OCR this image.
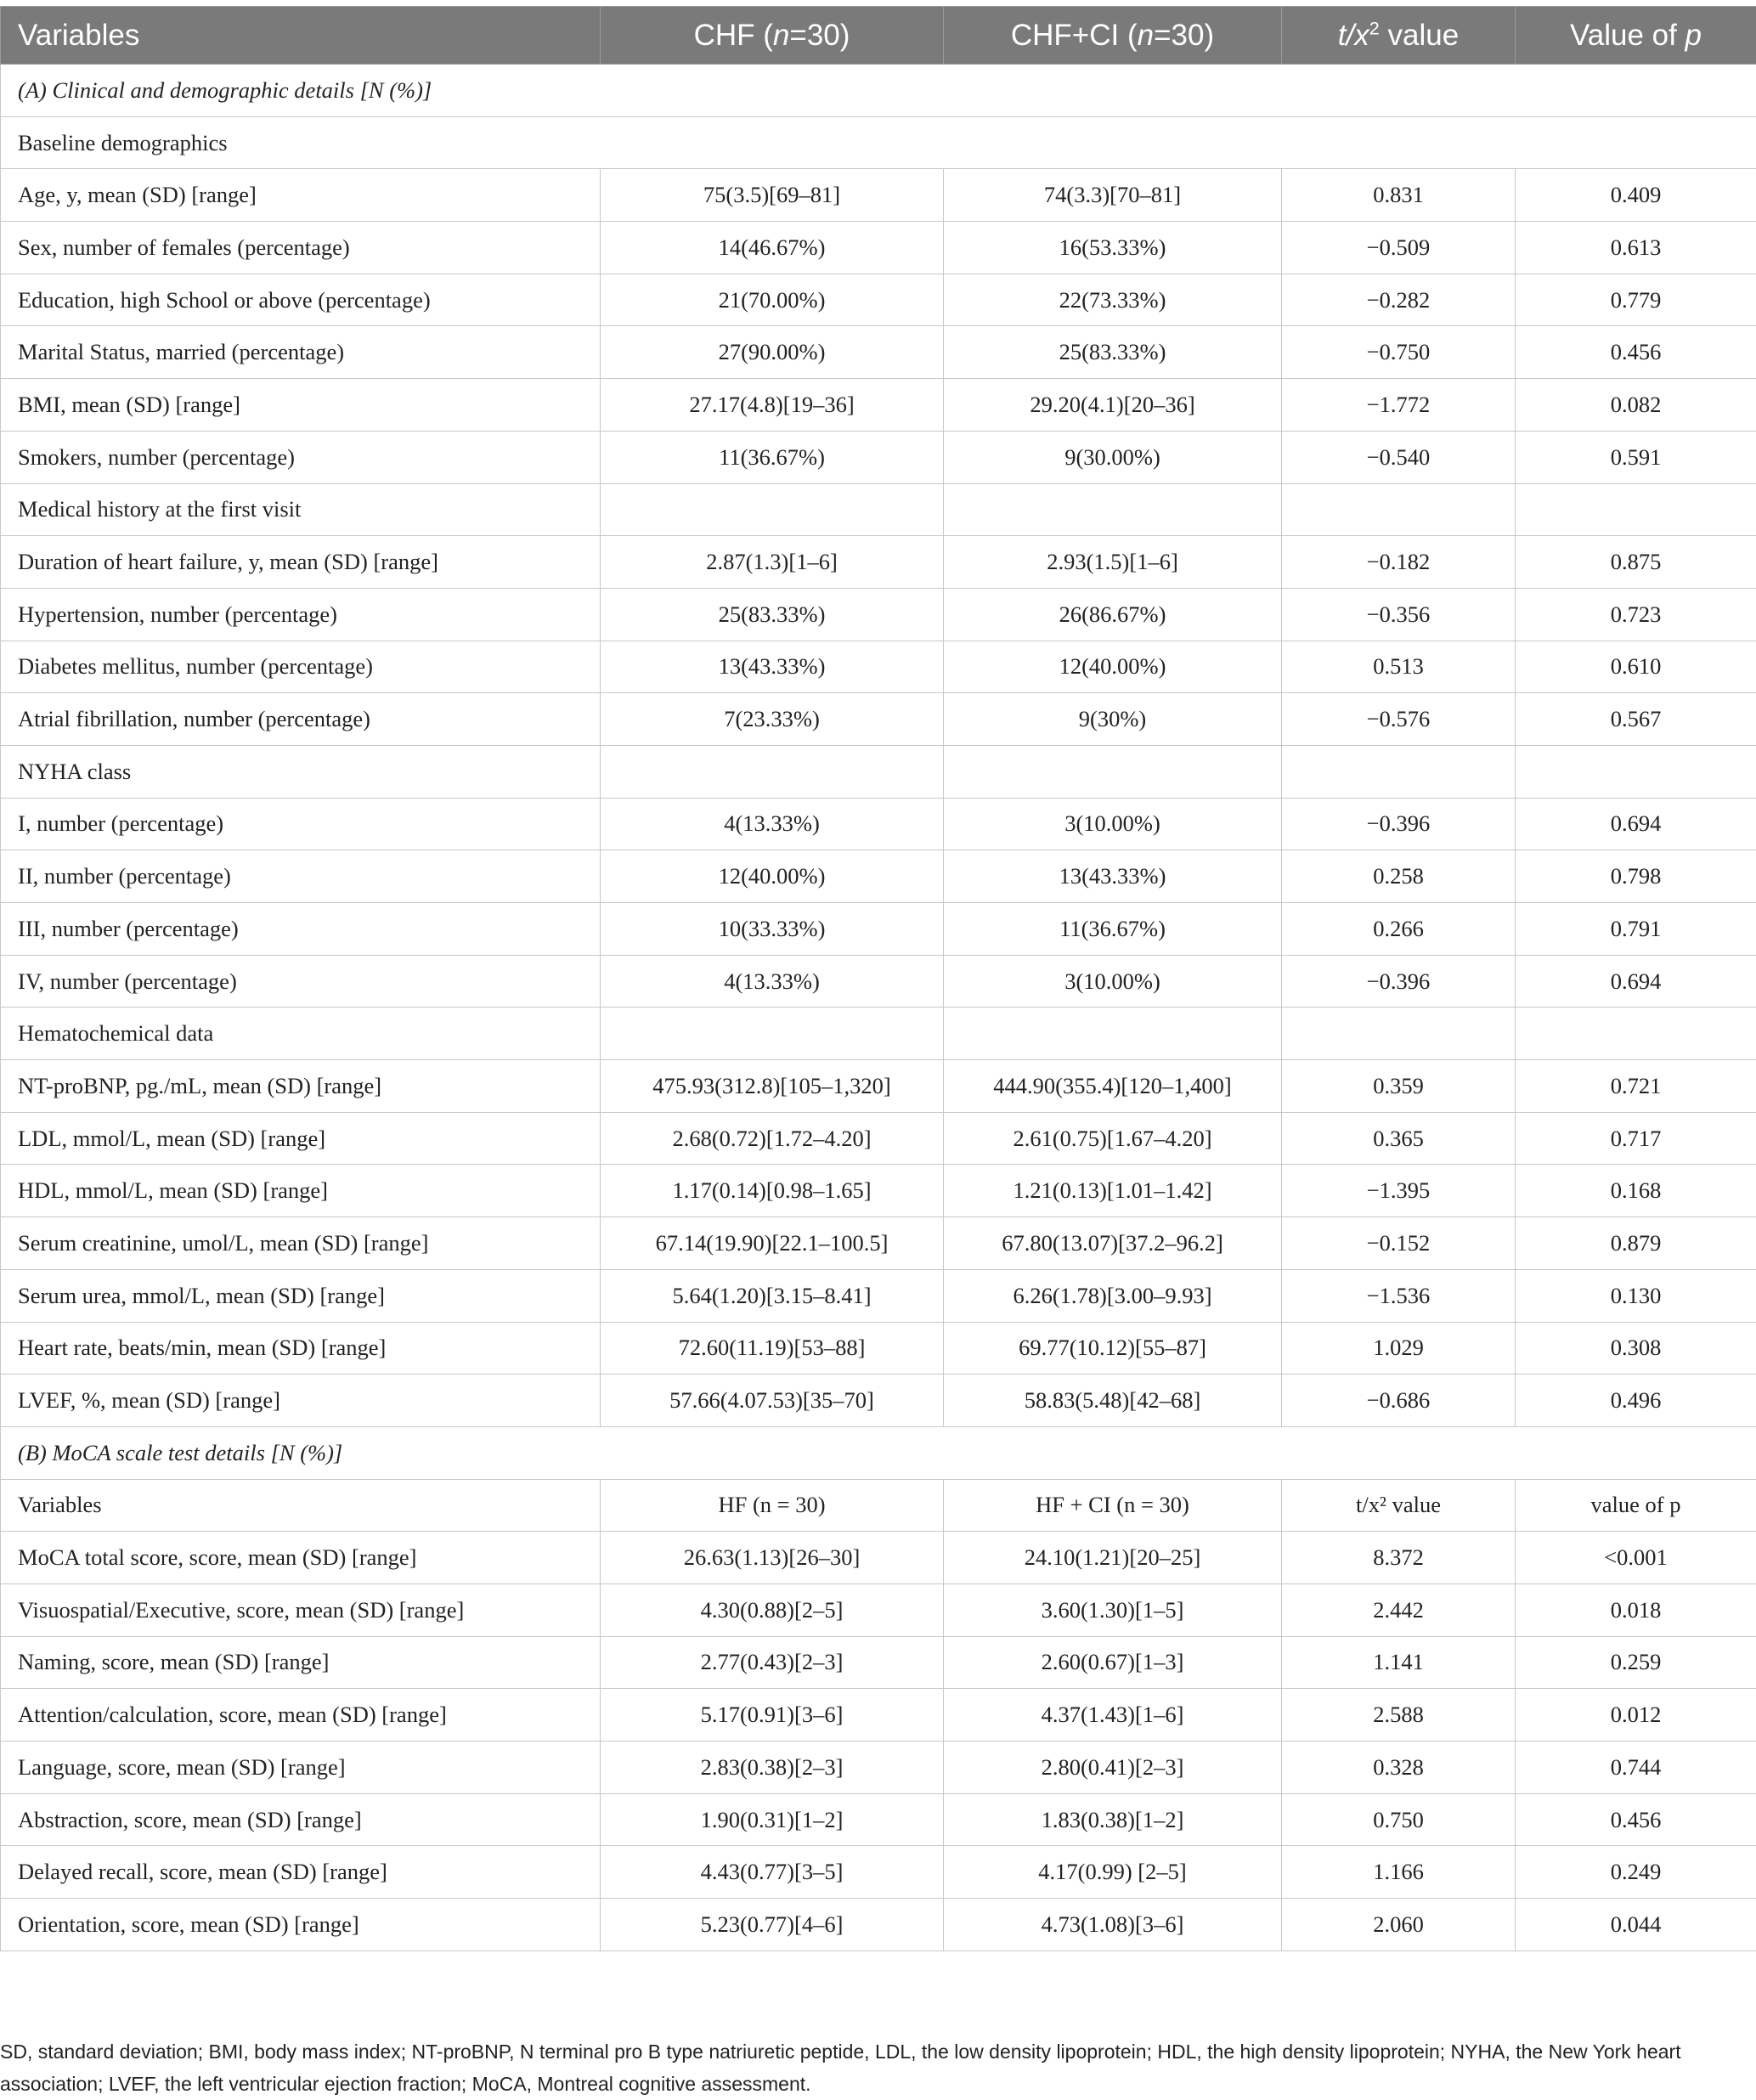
Variables	CHF (n=30)	CHF+CI (n=30)	$t/x^2$ value	Value of p
(A) Clinical and demographic details [N (%)]				
Baseline demographics				
Age, y, mean (SD) [range]	75(3.5)[69–81]	74(3.3)[70–81]	0.831	0.409
Sex, number of females (percentage)	14(46.67%)	16(53.33%)	−0.509	0.613
Education, high School or above (percentage)	21(70.00%)	22(73.33%)	−0.282	0.779
Marital Status, married (percentage)	27(90.00%)	25(83.33%)	−0.750	0.456
BMI, mean (SD) [range]	27.17(4.8)[19–36]	29.20(4.1)[20–36]	−1.772	0.082
Smokers, number (percentage)	11(36.67%)	9(30.00%)	−0.540	0.591
Medical history at the first visit				
Duration of heart failure, y, mean (SD) [range]	2.87(1.3)[1–6]	2.93(1.5)[1–6]	−0.182	0.875
Hypertension, number (percentage)	25(83.33%)	26(86.67%)	−0.356	0.723
Diabetes mellitus, number (percentage)	13(43.33%)	12(40.00%)	0.513	0.610
Atrial fibrillation, number (percentage)	7(23.33%)	9(30%)	−0.576	0.567
NYHA class				
I, number (percentage)	4(13.33%)	3(10.00%)	−0.396	0.694
II, number (percentage)	12(40.00%)	13(43.33%)	0.258	0.798
III, number (percentage)	10(33.33%)	11(36.67%)	0.266	0.791
IV, number (percentage)	4(13.33%)	3(10.00%)	−0.396	0.694
Hematochemical data				
NT-proBNP, pg./mL, mean (SD) [range]	475.93(312.8)[105–1,320]	444.90(355.4)[120–1,400]	0.359	0.721
LDL, mmol/L, mean (SD) [range]	2.68(0.72)[1.72–4.20]	2.61(0.75)[1.67–4.20]	0.365	0.717
HDL, mmol/L, mean (SD) [range]	1.17(0.14)[0.98–1.65]	1.21(0.13)[1.01–1.42]	−1.395	0.168
Serum creatinine, umol/L, mean (SD) [range]	67.14(19.90)[22.1–100.5]	67.80(13.07)[37.2–96.2]	−0.152	0.879
Serum urea, mmol/L, mean (SD) [range]	5.64(1.20)[3.15–8.41]	6.26(1.78)[3.00–9.93]	−1.536	0.130
Heart rate, beats/min, mean (SD) [range]	72.60(11.19)[53–88]	69.77(10.12)[55–87]	1.029	0.308
LVEF, %, mean (SD) [range]	57.66(4.07.53)[35–70]	58.83(5.48)[42–68]	−0.686	0.496
(B) MoCA scale test details [N (%)]				
Variables	HF (n = 30)	HF + CI (n = 30)	t/x² value	value of p
MoCA total score, score, mean (SD) [range]	26.63(1.13)[26–30]	24.10(1.21)[20–25]	8.372	<0.001
Visuospatial/Executive, score, mean (SD) [range]	4.30(0.88)[2–5]	3.60(1.30)[1–5]	2.442	0.018
Naming, score, mean (SD) [range]	2.77(0.43)[2–3]	2.60(0.67)[1–3]	1.141	0.259
Attention/calculation, score, mean (SD) [range]	5.17(0.91)[3–6]	4.37(1.43)[1–6]	2.588	0.012
Language, score, mean (SD) [range]	2.83(0.38)[2–3]	2.80(0.41)[2–3]	0.328	0.744
Abstraction, score, mean (SD) [range]	1.90(0.31)[1–2]	1.83(0.38)[1–2]	0.750	0.456
Delayed recall, score, mean (SD) [range]	4.43(0.77)[3–5]	4.17(0.99) [2–5]	1.166	0.249
Orientation, score, mean (SD) [range]	5.23(0.77)[4–6]	4.73(1.08)[3–6]	2.060	0.044

SD, standard deviation; BMI, body mass index; NT-proBNP, N terminal pro B type natriuretic peptide, LDL, the low density lipoprotein; HDL, the high density lipoprotein; NYHA, the New York heart association; LVEF, the left ventricular ejection fraction; MoCA, Montreal cognitive assessment.
